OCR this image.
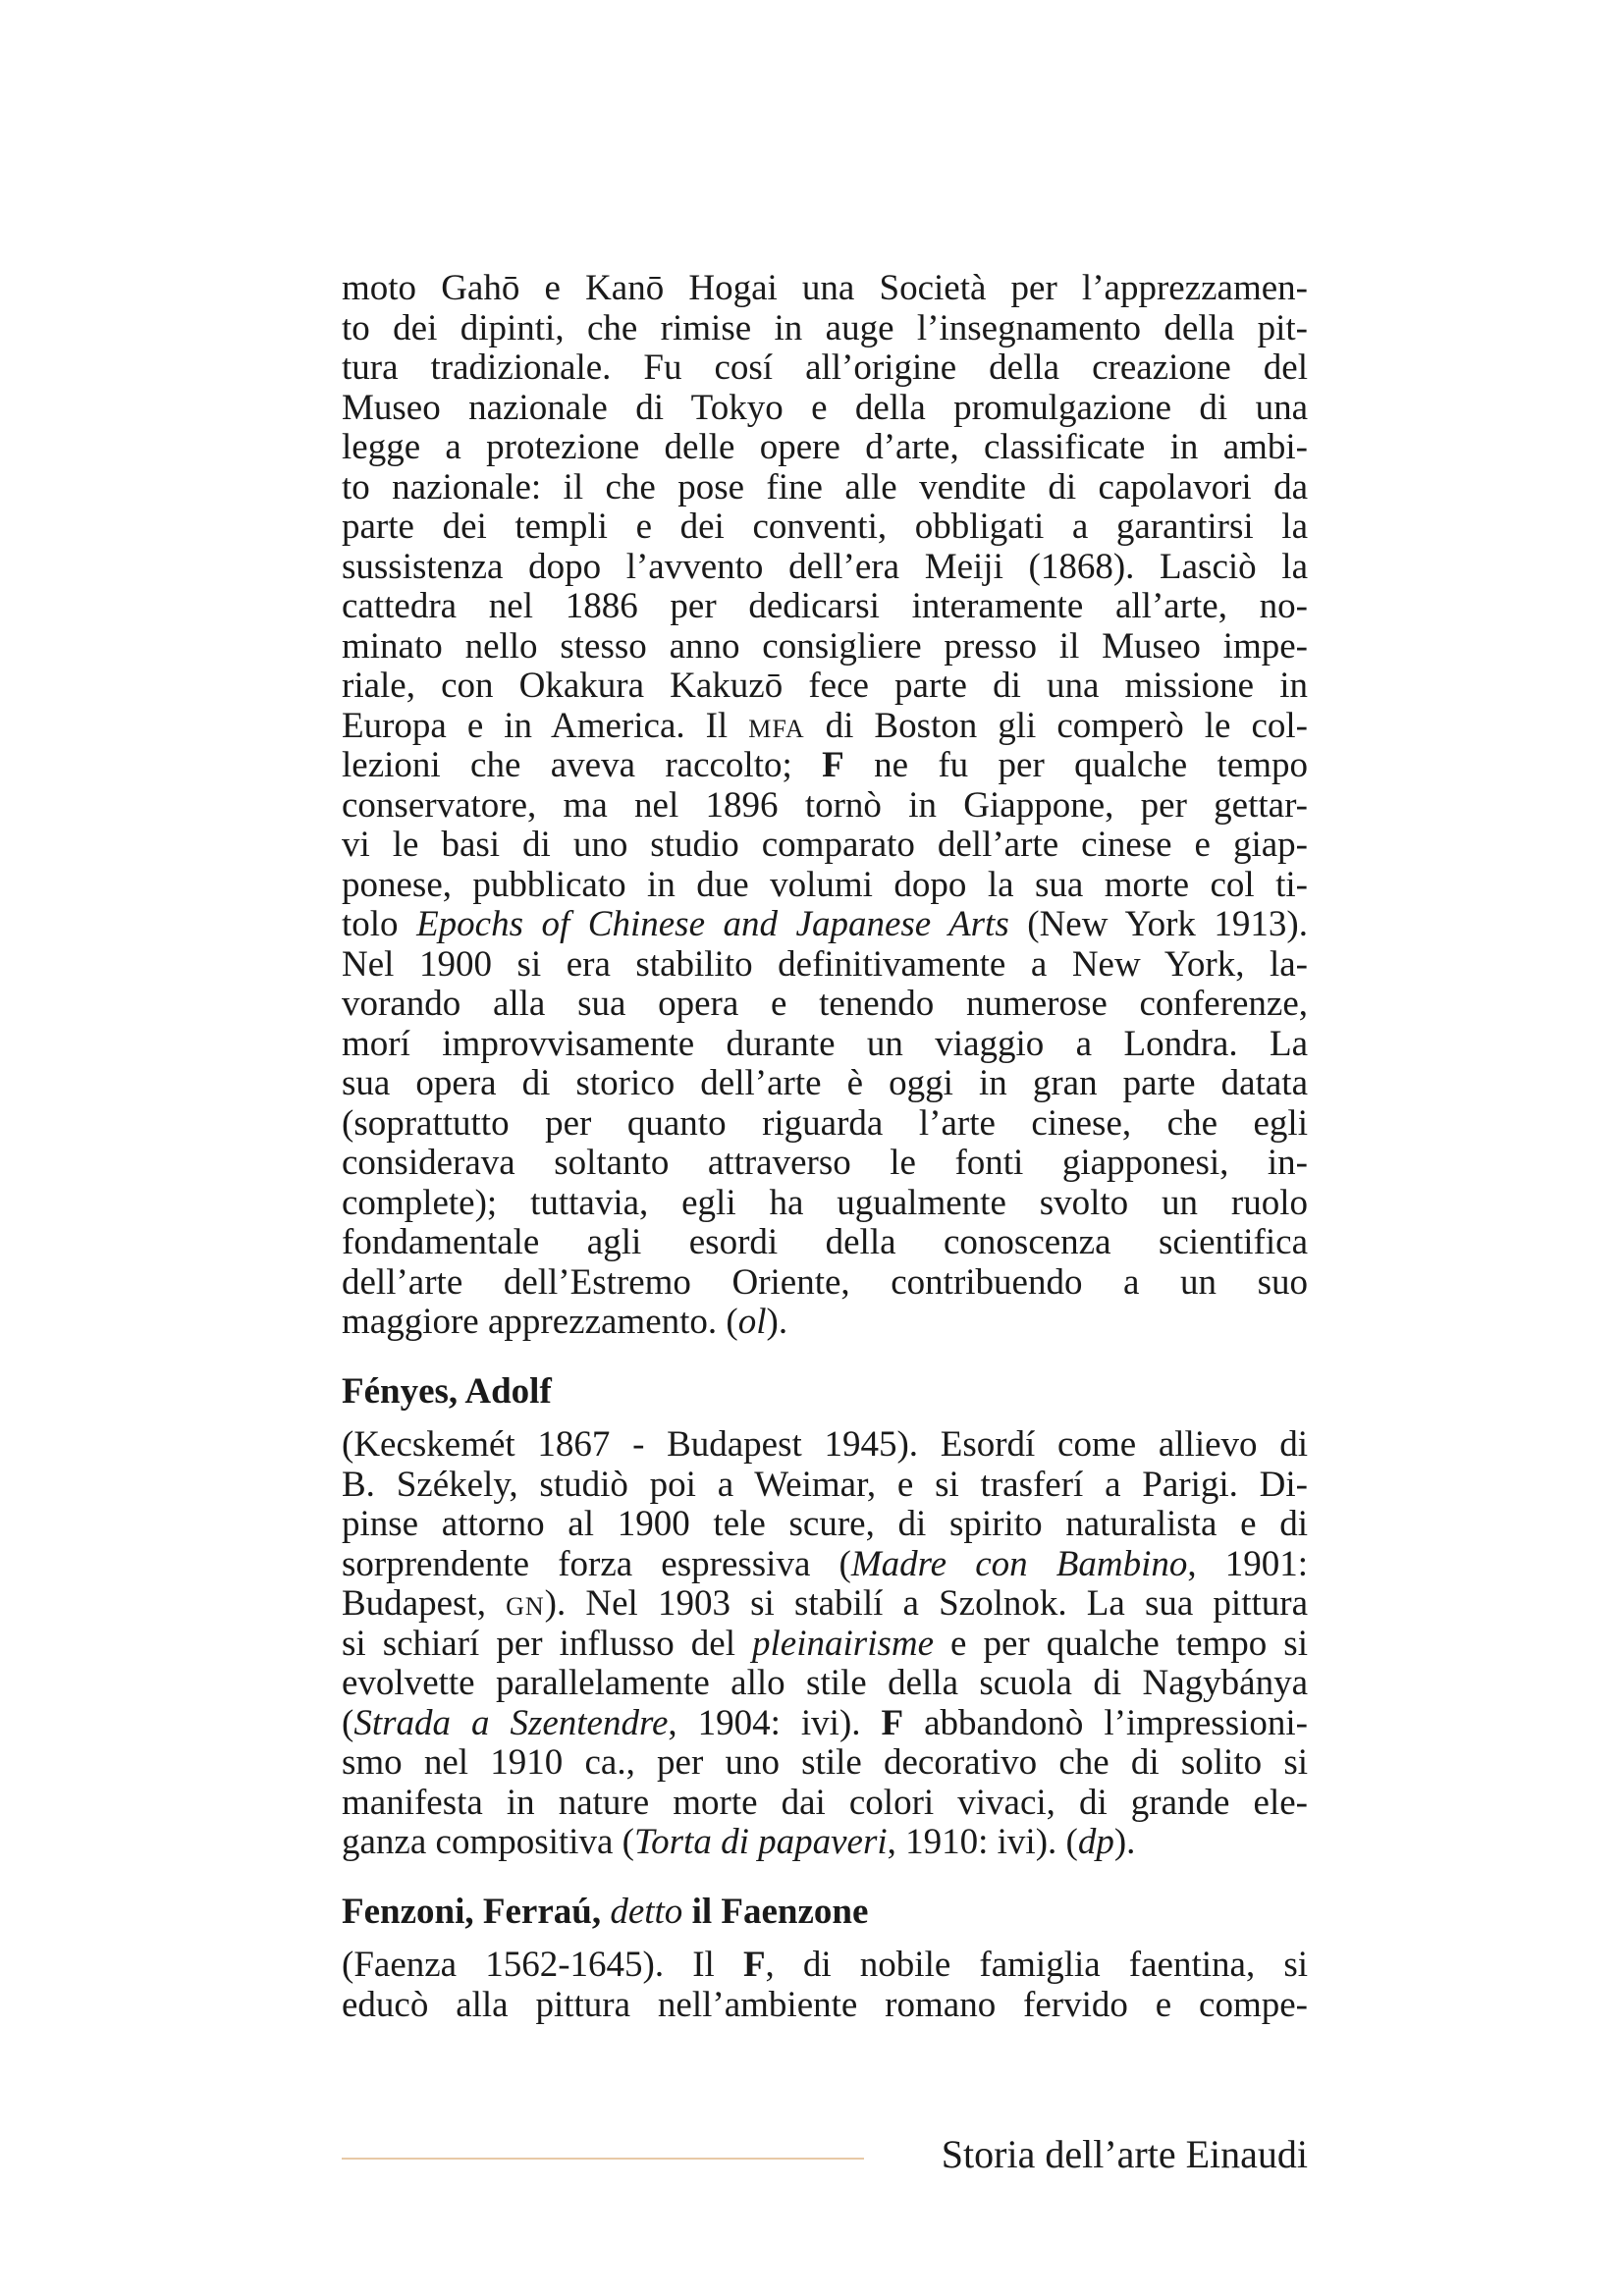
moto Gahō e Kanō Hogai una Società per l’apprezzamen-
to dei dipinti, che rimise in auge l’insegnamento della pit-
tura tradizionale. Fu cosí all’origine della creazione del
Museo nazionale di Tokyo e della promulgazione di una
legge a protezione delle opere d’arte, classificate in ambi-
to nazionale: il che pose fine alle vendite di capolavori da
parte dei templi e dei conventi, obbligati a garantirsi la
sussistenza dopo l’avvento dell’era Meiji (1868). Lasciò la
cattedra nel 1886 per dedicarsi interamente all’arte, no-
minato nello stesso anno consigliere presso il Museo impe-
riale, con Okakura Kakuzō fece parte di una missione in
Europa e in America. Il MFA di Boston gli comperò le col-
lezioni che aveva raccolto; F ne fu per qualche tempo
conservatore, ma nel 1896 tornò in Giappone, per gettar-
vi le basi di uno studio comparato dell’arte cinese e giap-
ponese, pubblicato in due volumi dopo la sua morte col ti-
tolo Epochs of Chinese and Japanese Arts (New York 1913).
Nel 1900 si era stabilito definitivamente a New York, la-
vorando alla sua opera e tenendo numerose conferenze,
morí improvvisamente durante un viaggio a Londra. La
sua opera di storico dell’arte è oggi in gran parte datata
(soprattutto per quanto riguarda l’arte cinese, che egli
considerava soltanto attraverso le fonti giapponesi, in-
complete); tuttavia, egli ha ugualmente svolto un ruolo
fondamentale agli esordi della conoscenza scientifica
dell’arte dell’Estremo Oriente, contribuendo a un suo
maggiore apprezzamento. (ol).
Fényes, Adolf
(Kecskemét 1867 - Budapest 1945). Esordí come allievo di
B. Székely, studiò poi a Weimar, e si trasferí a Parigi. Di-
pinse attorno al 1900 tele scure, di spirito naturalista e di
sorprendente forza espressiva (Madre con Bambino, 1901:
Budapest, GN). Nel 1903 si stabilí a Szolnok. La sua pittura
si schiarí per influsso del pleinairisme e per qualche tempo si
evolvette parallelamente allo stile della scuola di Nagybánya
(Strada a Szentendre, 1904: ivi). F abbandonò l’impressioni-
smo nel 1910 ca., per uno stile decorativo che di solito si
manifesta in nature morte dai colori vivaci, di grande ele-
ganza compositiva (Torta di papaveri, 1910: ivi). (dp).
Fenzoni, Ferraú, detto il Faenzone
(Faenza 1562-1645). Il F, di nobile famiglia faentina, si
educò alla pittura nell’ambiente romano fervido e compe-
Storia dell’arte Einaudi
